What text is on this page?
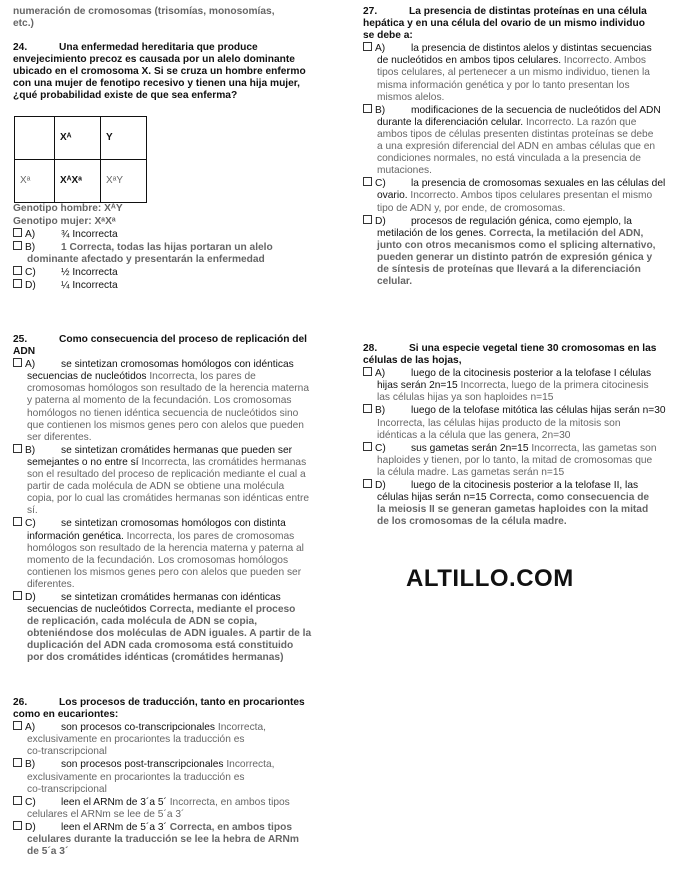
numeración de cromosomas (trisomías, monosomías,

etc.)

24.	Una enfermedad hereditaria que produce

envejecimiento precoz es causada por un alelo dominante

ubicado en el cromosoma X. Si se cruza un hombre enfermo

con una mujer de fenotipo recesivo y tienen una hija mujer,

¿qué probabilidad existe de que sea enferma?

	Xᴬ	Y
Xᵃ	XᴬXᵃ	XᵃY

Genotipo hombre: XᴬY

Genotipo mujer: XᵃXᵃ

A)	¾ Incorrecta

B)	1 Correcta, todas las hijas portaran un alelo

dominante afectado y presentarán la enfermedad

C) ½ Incorrecta

D) ¼ Incorrecta

25.	Como consecuencia del proceso de replicación del

ADN

A)	se sintetizan cromosomas homólogos con idénticas

secuencias de nucleótidos Incorrecta, los pares de

cromosomas homólogos son resultado de la herencia materna

y paterna al momento de la fecundación. Los cromosomas

homólogos no tienen idéntica secuencia de nucleótidos sino

que contienen los mismos genes pero con alelos que pueden

ser diferentes.

B)	se sintetizan cromátides hermanas que pueden ser

semejantes o no entre sí Incorrecta, las cromátides hermanas

son el resultado del proceso de replicación mediante el cual a

partir de cada molécula de ADN se obtiene una molécula

copia, por lo cual las cromátides hermanas son idénticas entre

sí.

C) se sintetizan cromosomas homólogos con distinta

información genética. Incorrecta, los pares de cromosomas

homólogos son resultado de la herencia materna y paterna al

momento de la fecundación. Los cromosomas homólogos

contienen los mismos genes pero con alelos que pueden ser

diferentes.

D) se sintetizan cromátides hermanas con idénticas

secuencias de nucleótidos Correcta, mediante el proceso

de replicación, cada molécula de ADN se copia,

obteniéndose dos moléculas de ADN iguales. A partir de la

duplicación del ADN cada cromosoma está constituido

por dos cromátides idénticas (cromátides hermanas)

26.	Los procesos de traducción, tanto en procariontes

como en eucariontes:

A)	son procesos co-transcripcionales Incorrecta,

exclusivamente en procariontes la traducción es

co-transcripcional

B)	son procesos post-transcripcionales Incorrecta,

exclusivamente en procariontes la traducción es

co-transcripcional

C) leen el ARNm de 3´a 5´ Incorrecta, en ambos tipos

celulares el ARNm se lee de 5´a 3´

D) leen el ARNm de 5´a 3´ Correcta, en ambos tipos

celulares durante la traducción se lee la hebra de ARNm

de 5´a 3´

27.	La presencia de distintas proteínas en una célula

hepática y en una célula del ovario de un mismo individuo

se debe a:

A)	la presencia de distintos alelos y distintas secuencias

de nucleótidos en ambos tipos celulares. Incorrecto. Ambos

tipos celulares, al pertenecer a un mismo individuo, tienen la

misma información genética y por lo tanto presentan los

mismos alelos.

B)	modificaciones de la secuencia de nucleótidos del ADN

durante la diferenciación celular. Incorrecto. La razón que

ambos tipos de células presenten distintas proteínas se debe

a una expresión diferencial del ADN en ambas células que en

condiciones normales, no está vinculada a la presencia de

mutaciones.

C) la presencia de cromosomas sexuales en las células del

ovario. Incorrecto. Ambos tipos celulares presentan el mismo

tipo de ADN y, por ende, de cromosomas.

D) procesos de regulación génica, como ejemplo, la

metilación de los genes. Correcta, la metilación del ADN,

junto con otros mecanismos como el splicing alternativo,

pueden generar un distinto patrón de expresión génica y

de síntesis de proteínas que llevará a la diferenciación

celular.

28.	Si una especie vegetal tiene 30 cromosomas en las

células de las hojas,

A)	luego de la citocinesis posterior a la telofase I células

hijas serán 2n=15 Incorrecta, luego de la primera citocinesis

las células hijas ya son haploides n=15

B)	luego de la telofase mitótica las células hijas serán n=30

Incorrecta, las células hijas producto de la mitosis son

idénticas a la célula que las genera, 2n=30

C) sus gametas serán 2n=15 Incorrecta, las gametas son

haploides y tienen, por lo tanto, la mitad de cromosomas que

la célula madre. Las gametas serán n=15

D) luego de la citocinesis posterior a la telofase II, las

células hijas serán n=15 Correcta, como consecuencia de

la meiosis II se generan gametas haploides con la mitad

de los cromosomas de la célula madre.

ALTILLO.COM
